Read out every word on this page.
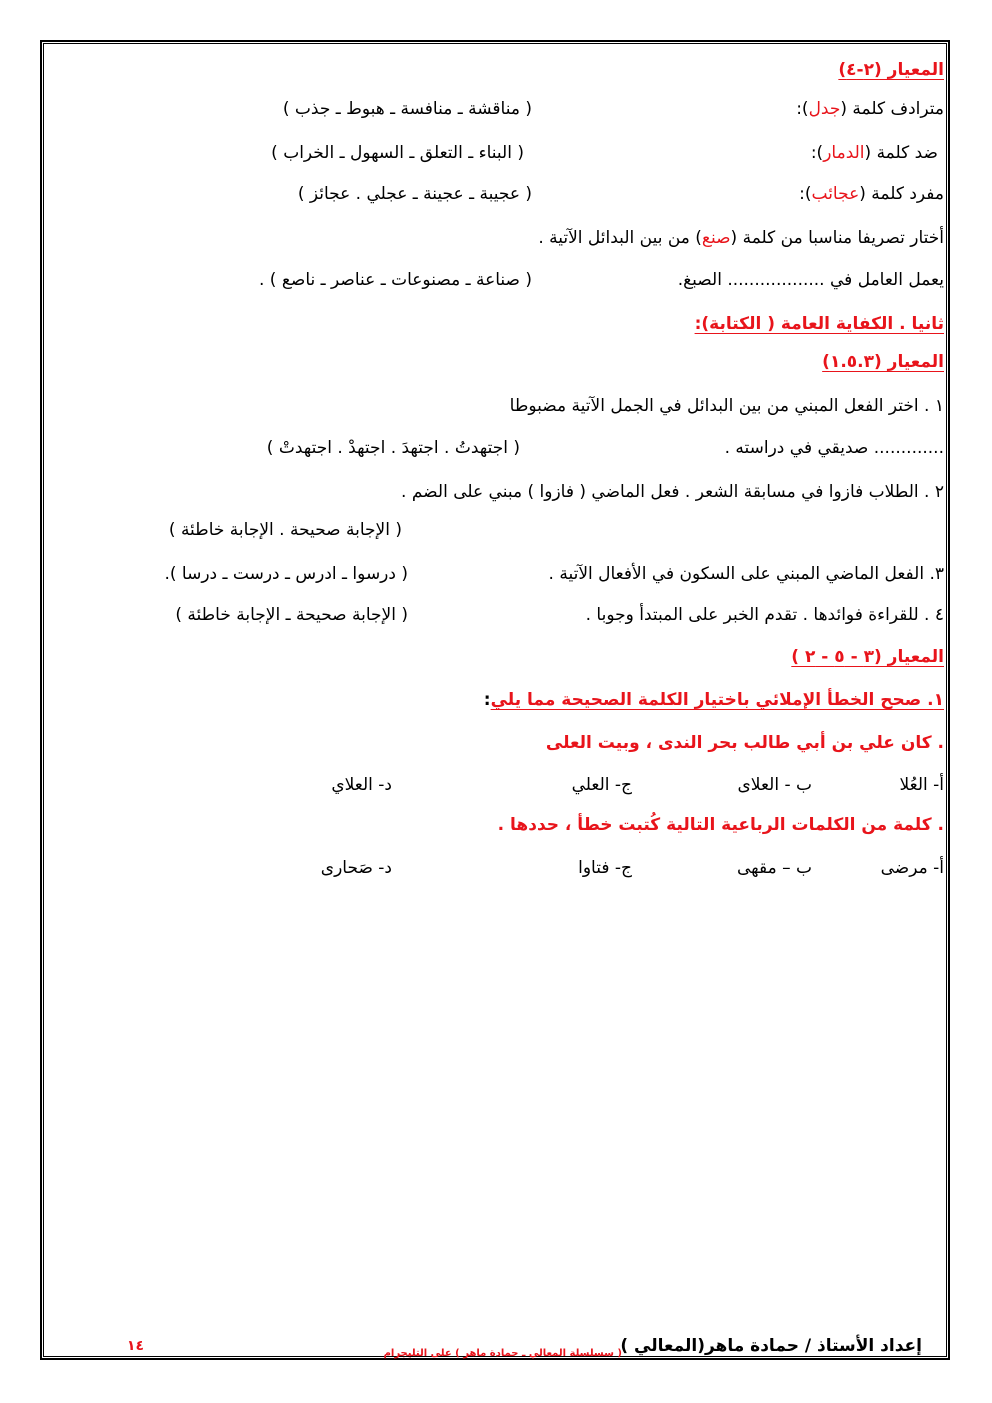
المعيار (٢-٤)
مترادف كلمة (جدل):
( مناقشة ـ منافسة ـ هبوط ـ جذب )
ضد كلمة (الدمار):
( البناء ـ التعلق ـ السهول ـ الخراب )
مفرد كلمة (عجائب):
( عجيبة ـ عجينة ـ عجلي . عجائز )
أختار تصريفا مناسبا من كلمة (صنع) من بين البدائل الآتية .
يعمل العامل في .................. الصبغ.
( صناعة ـ مصنوعات ـ عناصر ـ ناصع ) .
ثانيا . الكفاية العامة ( الكتابة):
المعيار (١.٥.٣)
١ . اختر الفعل المبني من بين البدائل في الجمل الآتية مضبوطا
............. صديقي في دراسته .
( اجتهدتُ . اجتهدَ . اجتهدْ . اجتهدتْ )
٢ . الطلاب فازوا في مسابقة الشعر . فعل الماضي ( فازوا ) مبني على الضم .
( الإجابة صحيحة . الإجابة خاطئة )
٣. الفعل الماضي المبني على السكون في الأفعال الآتية .
( درسوا ـ ادرس ـ درست ـ درسا ).
٤ . للقراءة فوائدها . تقدم الخبر على المبتدأ وجوبا .
( الإجابة صحيحة ـ الإجابة خاطئة )
المعيار (٣ - ٥ - ٢ )
١. صحح الخطأ الإملائي باختيار الكلمة الصحيحة مما يلي:
. كان علي بن أبي طالب بحر الندى ، وبيت العلى
أ- العُلا
ب - العلاى
ج- العلي
د- العلاي
. كلمة من الكلمات الرباعية التالية كُتبت خطأ ، حددها .
أ- مرضى
ب – مقهى
ج- فتاوا
د- صَحارى
إعداد الأستاذ / حمادة ماهر(المعالي )
( سسلسلة المعالي ـ حمادة ماهر ) على التليجرام
١٤
